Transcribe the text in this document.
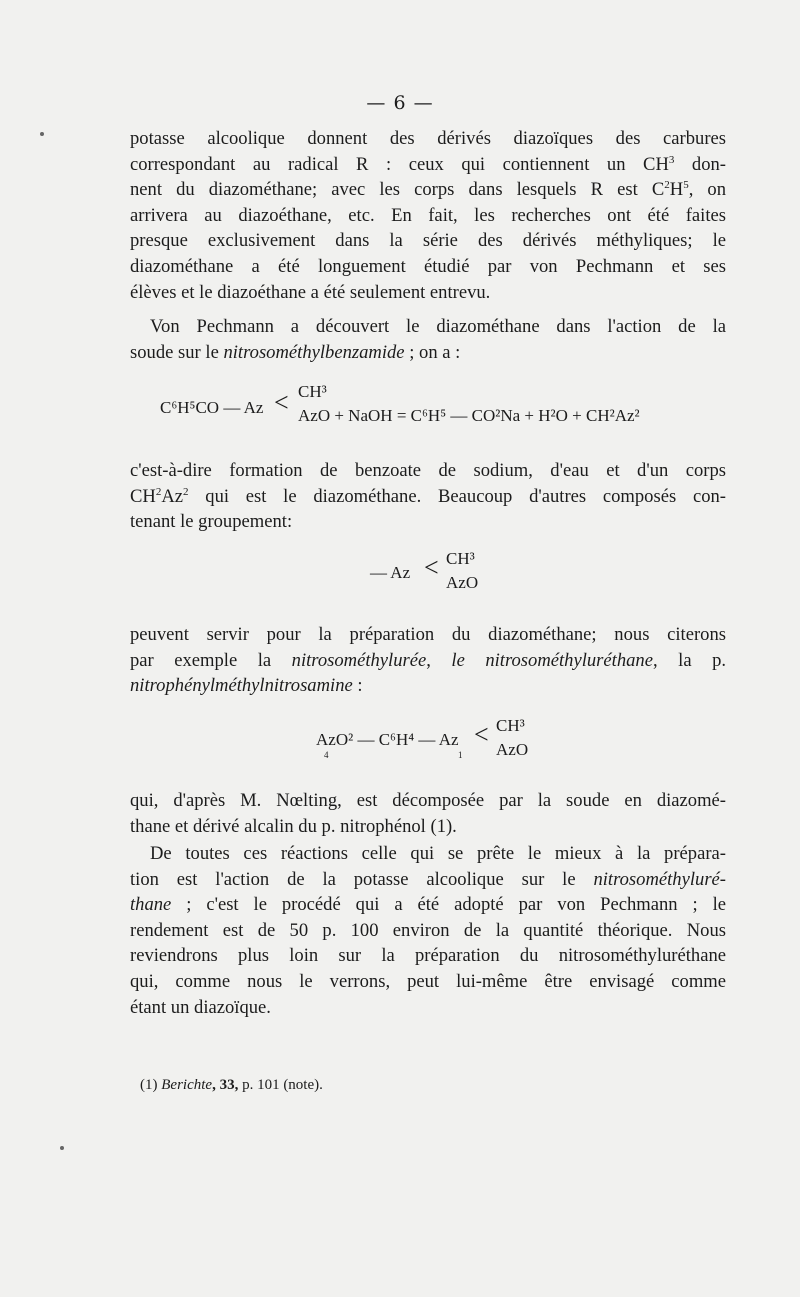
— 6 —
potasse alcoolique donnent des dérivés diazoïques des carbures
correspondant au radical R : ceux qui contiennent un $CH^3$ don-
nent du diazométhane; avec les corps dans lesquels R est $C^2H^5$, on
arrivera au diazoéthane, etc. En fait, les recherches ont été faites
presque exclusivement dans la série des dérivés méthyliques; le
diazométhane a été longuement étudié par von Pechmann et ses
élèves et le diazoéthane a été seulement entrevu.
Von Pechmann a découvert le diazométhane dans l'action de la
soude sur le nitrosométhylbenzamide ; on a :
C⁶H⁵CO — Az < CH³
AzO + NaOH = C⁶H⁵ — CO²Na + H²O + CH²Az²
c'est-à-dire formation de benzoate de sodium, d'eau et d'un corps
$CH^2Az^2$ qui est le diazométhane. Beaucoup d'autres composés con-
tenant le groupement:
— Az < CH³
AzO
peuvent servir pour la préparation du diazométhane; nous citerons
par exemple la nitrosométhylurée, le nitrosométhyluréthane, la p.
nitrophénylméthylnitrosamine :
AzO² — C⁶H⁴ — Az
4	1
< CH³
AzO
qui, d'après M. Nœlting, est décomposée par la soude en diazomé-
thane et dérivé alcalin du p. nitrophénol (1).
De toutes ces réactions celle qui se prête le mieux à la prépara-
tion est l'action de la potasse alcoolique sur le nitrosométhyluré-
thane ; c'est le procédé qui a été adopté par von Pechmann ; le
rendement est de 50 p. 100 environ de la quantité théorique. Nous
reviendrons plus loin sur la préparation du nitrosométhyluréthane
qui, comme nous le verrons, peut lui-même être envisagé comme
étant un diazoïque.
(1) Berichte, 33, p. 101 (note).
